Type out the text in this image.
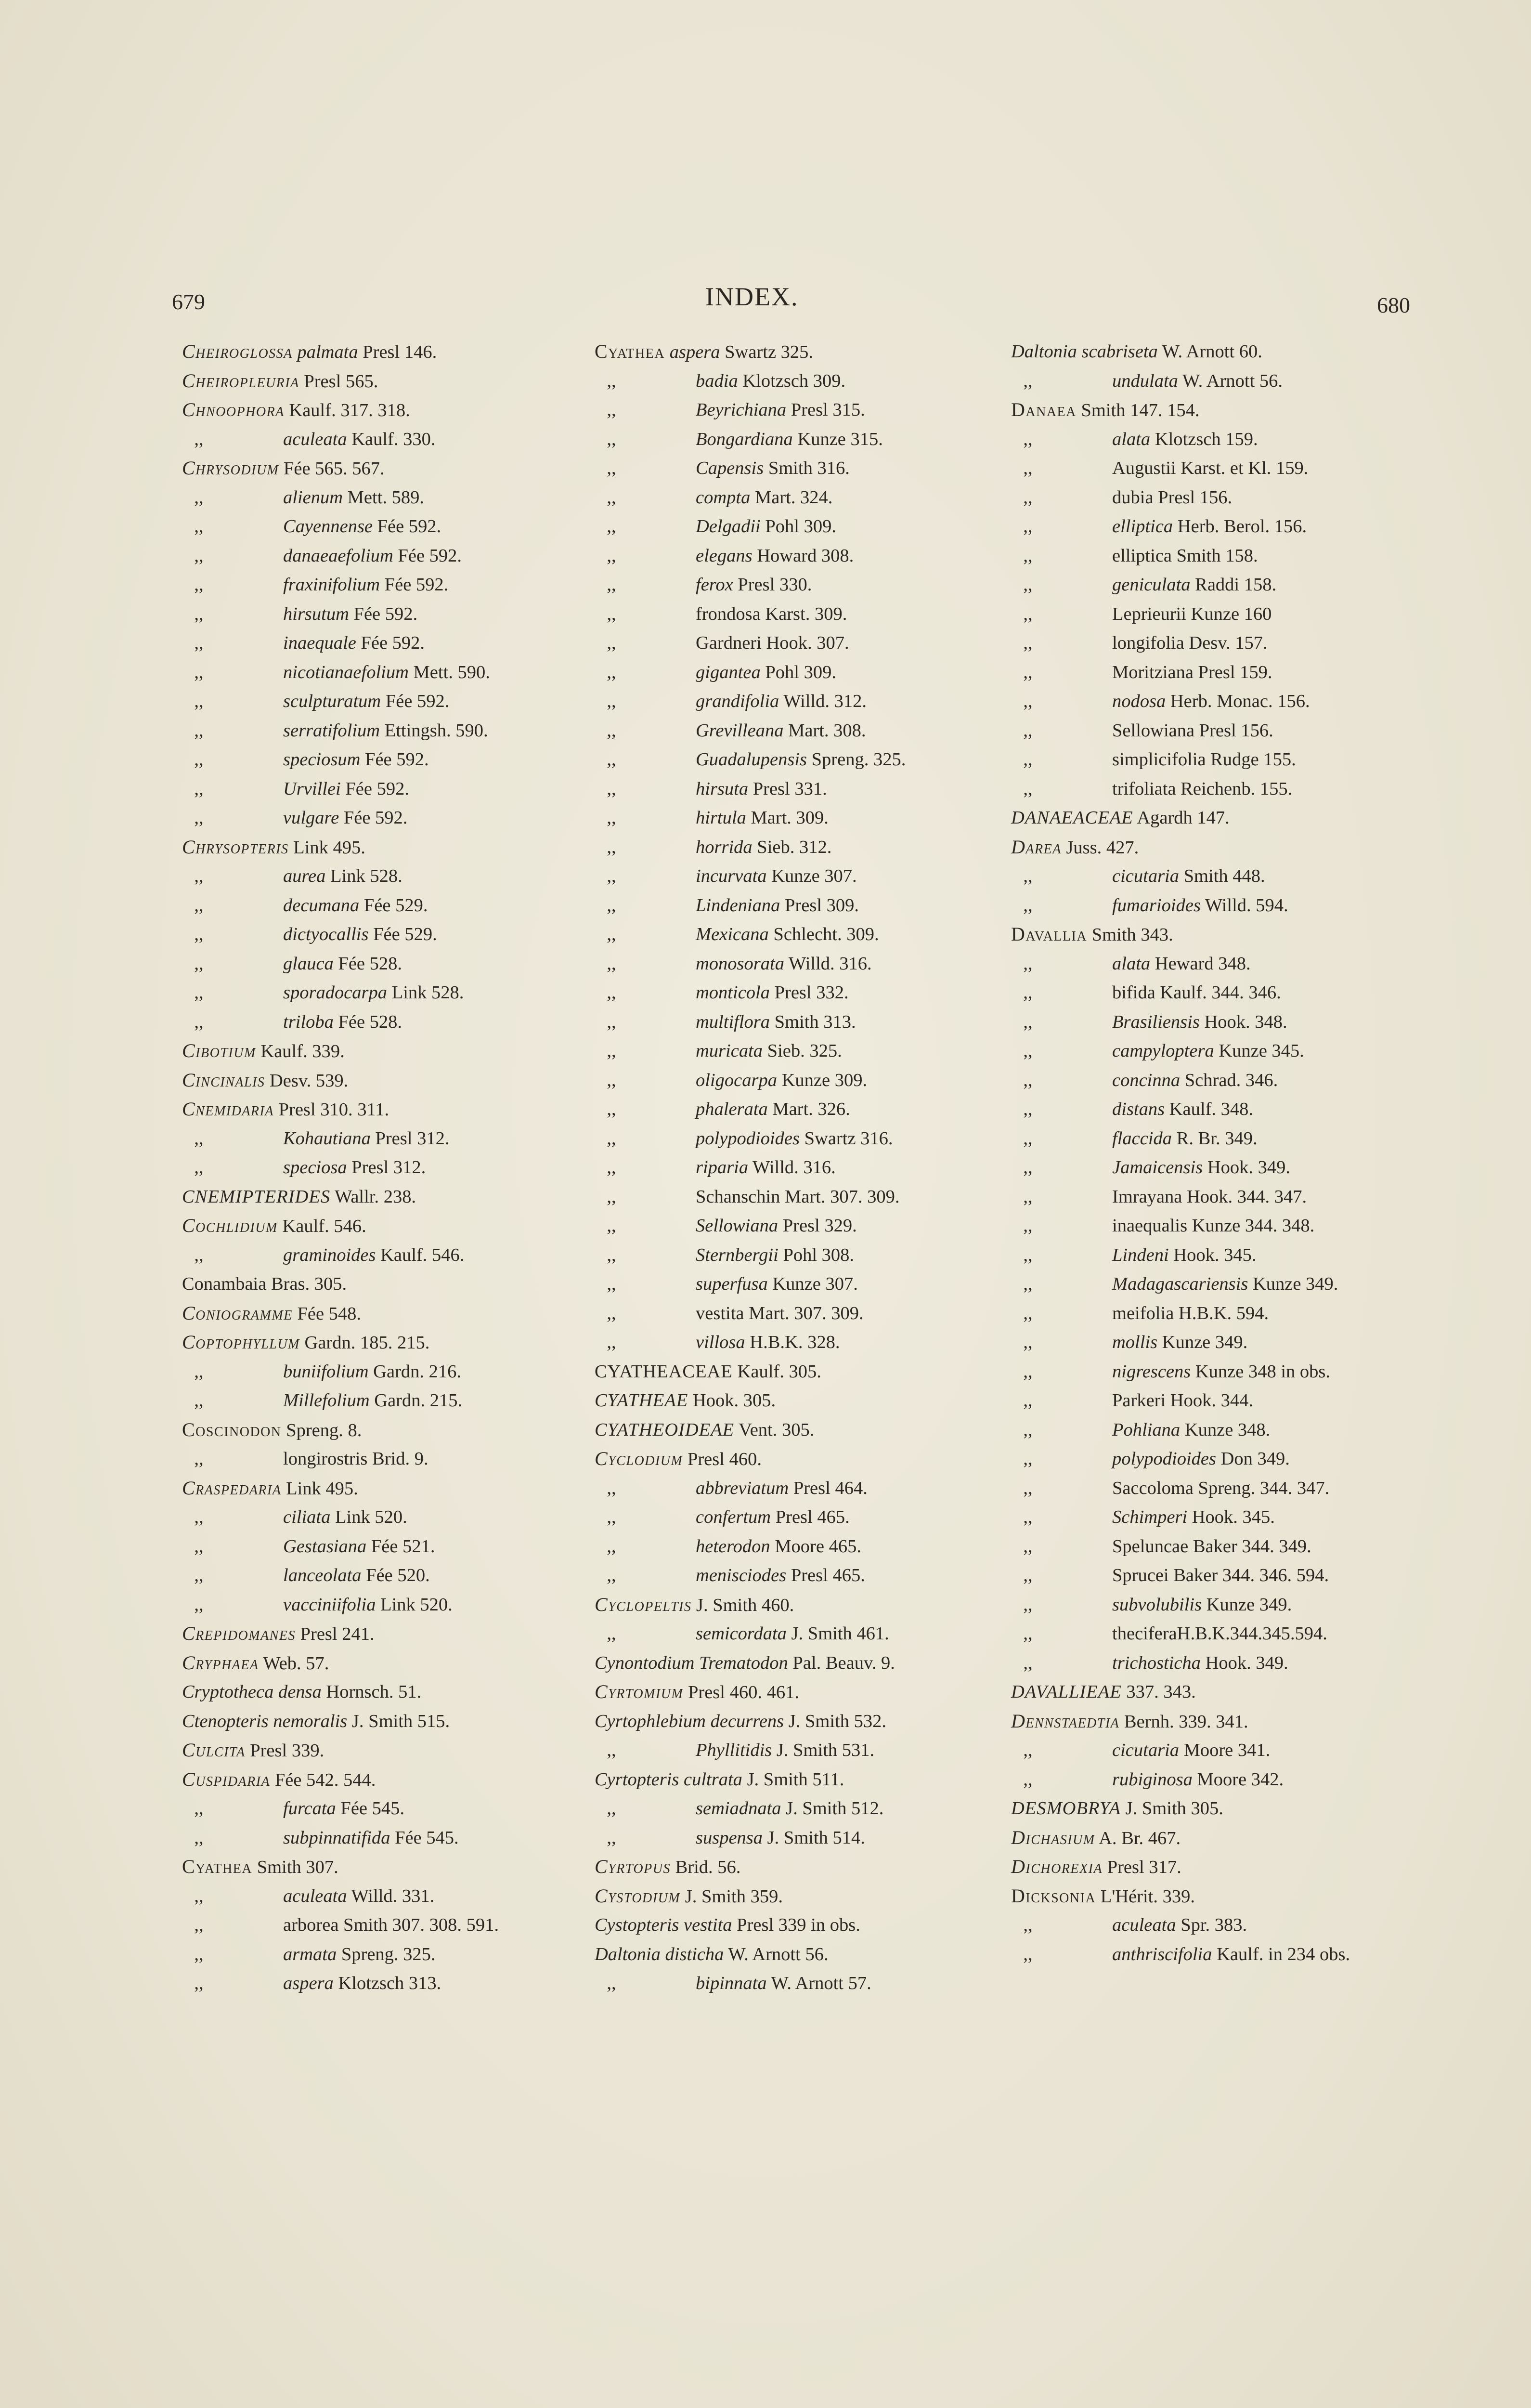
679	INDEX.	680
Cheiroglossa palmata Presl 146.
Cheiropleuria Presl 565.
Chnoophora Kaulf. 317. 318.
,,	aculeata Kaulf. 330.
Chrysodium Fée 565. 567.
,,	alienum Mett. 589.
,,	Cayennense Fée 592.
,,	danaeaefolium Fée 592.
,,	fraxinifolium Fée 592.
,,	hirsutum Fée 592.
,,	inaequale Fée 592.
,,	nicotianaefolium Mett. 590.
,,	sculpturatum Fée 592.
,,	serratifolium Ettingsh. 590.
,,	speciosum Fée 592.
,,	Urvillei Fée 592.
,,	vulgare Fée 592.
Chrysopteris Link 495.
,,	aurea Link 528.
,,	decumana Fée 529.
,,	dictyocallis Fée 529.
,,	glauca Fée 528.
,,	sporadocarpa Link 528.
,,	triloba Fée 528.
Cibotium Kaulf. 339.
Cincinalis Desv. 539.
Cnemidaria Presl 310. 311.
,,	Kohautiana Presl 312.
,,	speciosa Presl 312.
CNEMIPTERIDES Wallr. 238.
Cochlidium Kaulf. 546.
,,	graminoides Kaulf. 546.
Conambaia Bras. 305.
Coniogramme Fée 548.
Coptophyllum Gardn. 185. 215.
,,	buniifolium Gardn. 216.
,,	Millefolium Gardn. 215.
Coscinodon Spreng. 8.
,,	longirostris Brid. 9.
Craspedaria Link 495.
,,	ciliata Link 520.
,,	Gestasiana Fée 521.
,,	lanceolata Fée 520.
,,	vacciniifolia Link 520.
Crepidomanes Presl 241.
Cryphaea Web. 57.
Cryptotheca densa Hornsch. 51.
Ctenopteris nemoralis J. Smith 515.
Culcita Presl 339.
Cuspidaria Fée 542. 544.
,,	furcata Fée 545.
,,	subpinnatifida Fée 545.
Cyathea Smith 307.
,,	aculeata Willd. 331.
,,	arborea Smith 307. 308. 591.
,,	armata Spreng. 325.
,,	aspera Klotzsch 313.
Cyathea aspera Swartz 325.
,,	badia Klotzsch 309.
,,	Beyrichiana Presl 315.
,,	Bongardiana Kunze 315.
,,	Capensis Smith 316.
,,	compta Mart. 324.
,,	Delgadii Pohl 309.
,,	elegans Howard 308.
,,	ferox Presl 330.
,,	frondosa Karst. 309.
,,	Gardneri Hook. 307.
,,	gigantea Pohl 309.
,,	grandifolia Willd. 312.
,,	Grevilleana Mart. 308.
,,	Guadalupensis Spreng. 325.
,,	hirsuta Presl 331.
,,	hirtula Mart. 309.
,,	horrida Sieb. 312.
,,	incurvata Kunze 307.
,,	Lindeniana Presl 309.
,,	Mexicana Schlecht. 309.
,,	monosorata Willd. 316.
,,	monticola Presl 332.
,,	multiflora Smith 313.
,,	muricata Sieb. 325.
,,	oligocarpa Kunze 309.
,,	phalerata Mart. 326.
,,	polypodioides Swartz 316.
,,	riparia Willd. 316.
,,	Schanschin Mart. 307. 309.
,,	Sellowiana Presl 329.
,,	Sternbergii Pohl 308.
,,	superfusa Kunze 307.
,,	vestita Mart. 307. 309.
,,	villosa H.B.K. 328.
CYATHEACEAE Kaulf. 305.
CYATHEAE Hook. 305.
CYATHEOIDEAE Vent. 305.
Cyclodium Presl 460.
,,	abbreviatum Presl 464.
,,	confertum Presl 465.
,,	heterodon Moore 465.
,,	menisciodes Presl 465.
Cyclopeltis J. Smith 460.
,,	semicordata J. Smith 461.
Cynontodium Trematodon Pal. Beauv. 9.
Cyrtomium Presl 460. 461.
Cyrtophlebium decurrens J. Smith 532.
,,	Phyllitidis J. Smith 531.
Cyrtopteris cultrata J. Smith 511.
,,	semiadnata J. Smith 512.
,,	suspensa J. Smith 514.
Cyrtopus Brid. 56.
Cystodium J. Smith 359.
Cystopteris vestita Presl 339 in obs.
Daltonia disticha W. Arnott 56.
,,	bipinnata W. Arnott 57.
Daltonia scabriseta W. Arnott 60.
,,	undulata W. Arnott 56.
Danaea Smith 147. 154.
,,	alata Klotzsch 159.
,,	Augustii Karst. et Kl. 159.
,,	dubia Presl 156.
,,	elliptica Herb. Berol. 156.
,,	elliptica Smith 158.
,,	geniculata Raddi 158.
,,	Leprieurii Kunze 160
,,	longifolia Desv. 157.
,,	Moritziana Presl 159.
,,	nodosa Herb. Monac. 156.
,,	Sellowiana Presl 156.
,,	simplicifolia Rudge 155.
,,	trifoliata Reichenb. 155.
DANAEACEAE Agardh 147.
Darea Juss. 427.
,,	cicutaria Smith 448.
,,	fumarioides Willd. 594.
Davallia Smith 343.
,,	alata Heward 348.
,,	bifida Kaulf. 344. 346.
,,	Brasiliensis Hook. 348.
,,	campyloptera Kunze 345.
,,	concinna Schrad. 346.
,,	distans Kaulf. 348.
,,	flaccida R. Br. 349.
,,	Jamaicensis Hook. 349.
,,	Imrayana Hook. 344. 347.
,,	inaequalis Kunze 344. 348.
,,	Lindeni Hook. 345.
,,	Madagascariensis Kunze 349.
,,	meifolia H.B.K. 594.
,,	mollis Kunze 349.
,,	nigrescens Kunze 348 in obs.
,,	Parkeri Hook. 344.
,,	Pohliana Kunze 348.
,,	polypodioides Don 349.
,,	Saccoloma Spreng. 344. 347.
,,	Schimperi Hook. 345.
,,	Speluncae Baker 344. 349.
,,	Sprucei Baker 344. 346. 594.
,,	subvolubilis Kunze 349.
,,	theciferaH.B.K.344.345.594.
,,	trichosticha Hook. 349.
DAVALLIEAE 337. 343.
Dennstaedtia Bernh. 339. 341.
,,	cicutaria Moore 341.
,,	rubiginosa Moore 342.
DESMOBRYA J. Smith 305.
Dichasium A. Br. 467.
Dichorexia Presl 317.
Dicksonia L'Hérit. 339.
,,	aculeata Spr. 383.
,,	anthriscifolia Kaulf. in 234 obs.
